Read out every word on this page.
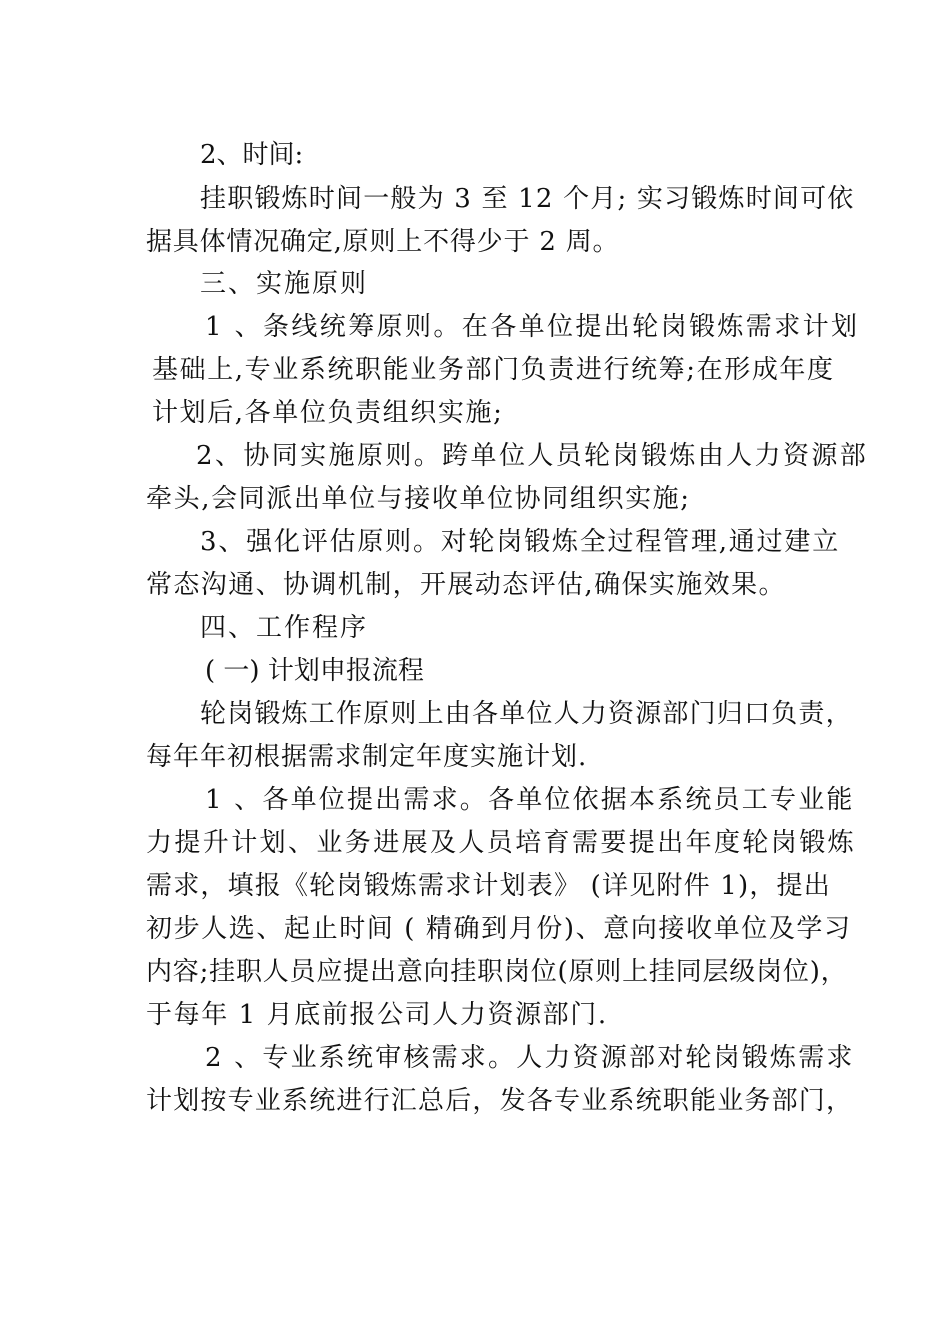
2、时间:
挂职锻炼时间一般为 3 至 12 个月; 实习锻炼时间可依
据具体情况确定,原则上不得少于 2 周。
三、实施原则
1 、条线统筹原则。在各单位提出轮岗锻炼需求计划
基础上,专业系统职能业务部门负责进行统筹;在形成年度
计划后,各单位负责组织实施;
2、协同实施原则。跨单位人员轮岗锻炼由人力资源部
牵头,会同派出单位与接收单位协同组织实施;
3、强化评估原则。对轮岗锻炼全过程管理,通过建立
常态沟通、协调机制，开展动态评估,确保实施效果。
四、工作程序
( 一) 计划申报流程
轮岗锻炼工作原则上由各单位人力资源部门归口负责，
每年年初根据需求制定年度实施计划.
1 、各单位提出需求。各单位依据本系统员工专业能
力提升计划、业务进展及人员培育需要提出年度轮岗锻炼
需求，填报《轮岗锻炼需求计划表》 (详见附件 1)，提出
初步人选、起止时间 ( 精确到月份)、意向接收单位及学习
内容;挂职人员应提出意向挂职岗位(原则上挂同层级岗位)，
于每年 1 月底前报公司人力资源部门.
2 、专业系统审核需求。人力资源部对轮岗锻炼需求
计划按专业系统进行汇总后，发各专业系统职能业务部门，
